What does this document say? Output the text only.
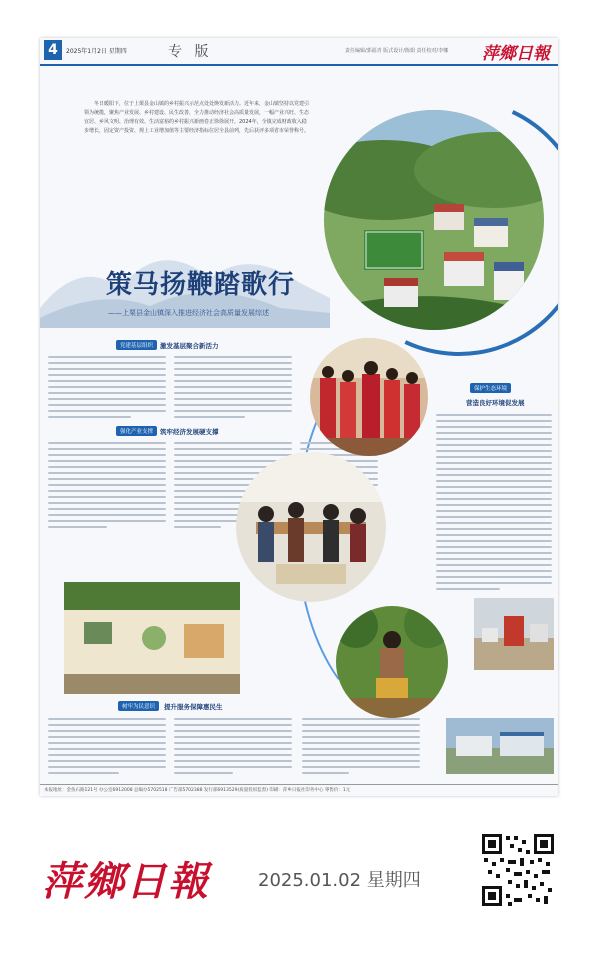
4	2025年1月2日 星期四	专 版	责任编辑/郭福青 版式设计/陈娟 责任校对/李娜 萍鄉日報
冬日暖阳下，位于上栗县金山镇的乡村振兴示范点处处焕发新活力。近年来，金山镇坚持以党建引领为统揽，聚焦产业发展、乡村建设、民生改善，全力推动经济社会高质量发展，一幅产业兴旺、生态宜居、乡风文明、治理有效、生活富裕的乡村振兴新画卷正徐徐展开。2024年，全镇完成财政收入稳步增长，固定资产投资、规上工业增加值等主要经济指标位居全县前列，先后获评多项省市荣誉称号。
策马扬鞭踏歌行
——上栗县金山镇深入推进经济社会高质量发展综述
党建基层组织	激发基层聚合新活力
强化产业支撑	筑牢经济发展硬支撑
保护生态环境
营造良好环境促发展
树牢为民意识	提升服务保障惠民生
本报地址：金鱼石路121号 办公室6912008 总编办5702518 广告部5702388 发行部6913529(质量投诉监督) 印刷：萍乡日报社印务中心 零售价：1元
萍鄉日報	2025.01.02 星期四
